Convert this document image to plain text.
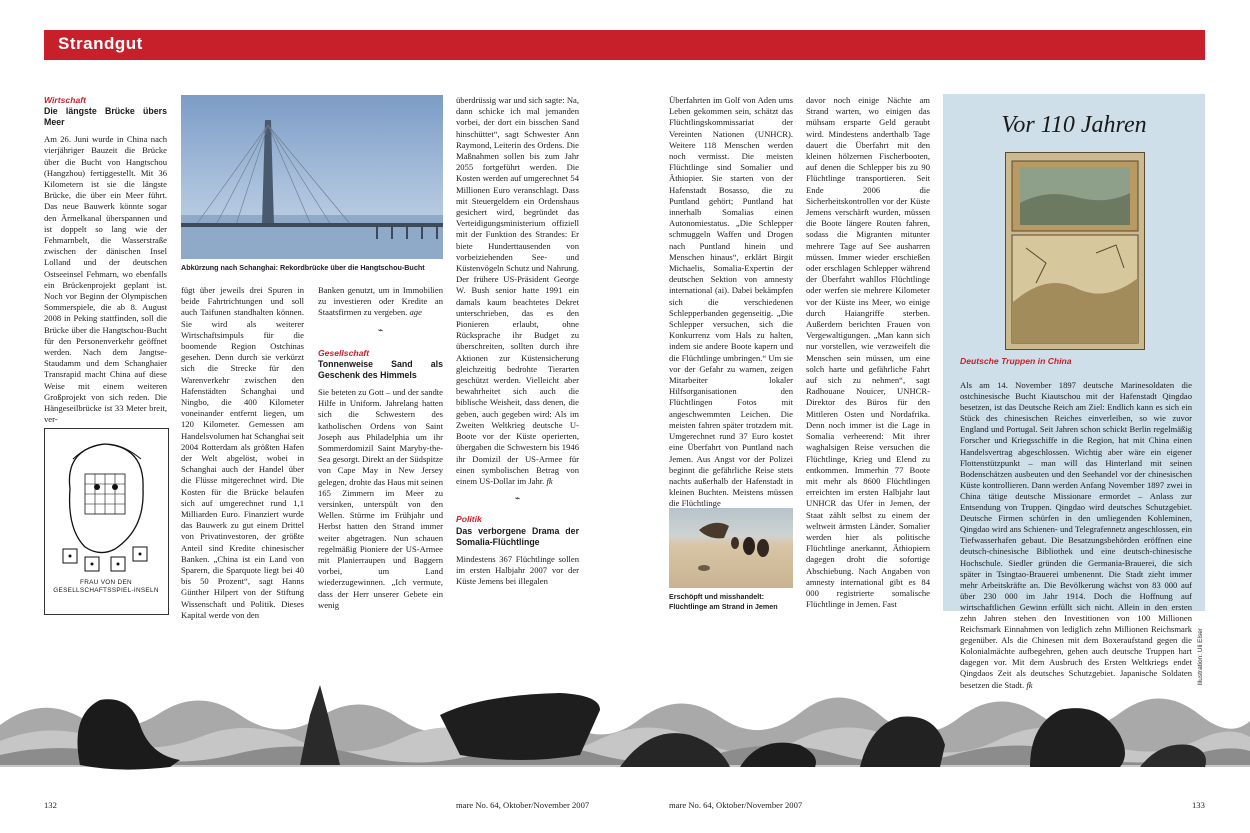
Strandgut
Wirtschaft
Die längste Brücke übers Meer
Am 26. Juni wurde in China nach vierjähriger Bauzeit die Brücke über die Bucht von Hangtschou (Hangzhou) fertiggestellt. Mit 36 Kilometern ist sie die längste Brücke, die über ein Meer führt. Das neue Bauwerk könnte sogar den Ärmelkanal überspannen und ist doppelt so lang wie der Fehmarnbelt, die Wasserstraße zwischen der dänischen Insel Lolland und der deutschen Ostseeinsel Fehmarn, wo ebenfalls ein Brückenprojekt geplant ist. Noch vor Beginn der Olympischen Sommerspiele, die ab 8. August 2008 in Peking stattfinden, soll die Brücke über die Hangtschou-Bucht für den Personenverkehr geöffnet werden. Nach dem Jangtse-Staudamm und dem Schanghaier Transrapid macht China auf diese Weise mit einem weiteren Großprojekt von sich reden. Die Hängeseilbrücke ist 33 Meter breit, ver-
FRAU VON DEN GESELLSCHAFTSSPIEL-INSELN
Abkürzung nach Schanghai: Rekordbrücke über die Hangtschou-Bucht
fügt über jeweils drei Spuren in beide Fahrtrichtungen und soll auch Taifunen standhalten können. Sie wird als weiterer Wirtschaftsimpuls für die boomende Region Ostchinas gesehen. Denn durch sie verkürzt sich die Strecke für den Warenverkehr zwischen den Hafenstädten Schanghai und Ningbo, die 400 Kilometer voneinander entfernt liegen, um 120 Kilometer. Gemessen am Handelsvolumen hat Schanghai seit 2004 Rotterdam als größten Hafen der Welt abgelöst, wobei in Schanghai auch der Handel über die Flüsse mitgerechnet wird. Die Kosten für die Brücke belaufen sich auf umgerechnet rund 1,1 Milliarden Euro. Finanziert wurde das Bauwerk zu gut einem Drittel von Privatinvestoren, der größte Anteil sind Kredite chinesischer Banken. „China ist ein Land von Sparern, die Sparquote liegt bei 40 bis 50 Prozent“, sagt Hanns Günther Hilpert von der Stiftung Wissenschaft und Politik. Dieses Kapital werde von den
Banken genutzt, um in Immobilien zu investieren oder Kredite an Staatsfirmen zu vergeben. age
⌁
Gesellschaft
Tonnenweise Sand als Geschenk des Himmels
Sie beteten zu Gott – und der sandte Hilfe in Uniform. Jahrelang hatten sich die Schwestern des katholischen Ordens von Saint Joseph aus Philadelphia um ihr Sommerdomizil Saint Maryby-the-Sea gesorgt. Direkt an der Südspitze von Cape May in New Jersey gelegen, drohte das Haus mit seinen 165 Zimmern im Meer zu versinken, unterspült von den Wellen. Stürme im Frühjahr und Herbst hatten den Strand immer weiter abgetragen. Nun schauen regelmäßig Pioniere der US-Armee mit Planierraupen und Baggern vorbei, um Land wiederzugewinnen. „Ich vermute, dass der Herr unserer Gebete ein wenig
überdrüssig war und sich sagte: Na, dann schicke ich mal jemanden vorbei, der dort ein bisschen Sand hinschüttet“, sagt Schwester Ann Raymond, Leiterin des Ordens. Die Maßnahmen sollen bis zum Jahr 2055 fortgeführt werden. Die Kosten werden auf umgerechnet 54 Millionen Euro veranschlagt. Dass mit Steuergeldern ein Ordenshaus gesichert wird, begründet das Verteidigungsministerium offiziell mit der Funktion des Strandes: Er biete Hunderttausenden von vorbeiziehenden See- und Küstenvögeln Schutz und Nahrung. Der frühere US-Präsident George W. Bush senior hatte 1991 ein damals kaum beachtetes Dekret unterschrieben, das es den Pionieren erlaubt, ohne Rücksprache ihr Budget zu überschreiten, sollten durch ihre Aktionen zur Küstensicherung gleichzeitig bedrohte Tierarten geschützt werden. Vielleicht aber bewahrheitet sich auch die biblische Weisheit, dass denen, die geben, auch gegeben wird: Als im Zweiten Weltkrieg deutsche U-Boote vor der Küste operierten, übergaben die Schwestern bis 1946 ihr Domizil der US-Armee für einen symbolischen Betrag von einem US-Dollar im Jahr. fk
⌁
Politik
Das verborgene Drama der Somalia-Flüchtlinge
Mindestens 367 Flüchtlinge sollen im ersten Halbjahr 2007 vor der Küste Jemens bei illegalen
Überfahrten im Golf von Aden ums Leben gekommen sein, schätzt das Flüchtlingskommissariat der Vereinten Nationen (UNHCR). Weitere 118 Menschen werden noch vermisst. Die meisten Flüchtlinge sind Somalier und Äthiopier. Sie starten von der Hafenstadt Bosasso, die zu Puntland gehört; Puntland hat innerhalb Somalias einen Autonomiestatus. „Die Schlepper schmuggeln Waffen und Drogen nach Puntland hinein und Menschen hinaus“, erklärt Birgit Michaelis, Somalia-Expertin der deutschen Sektion von amnesty international (ai). Dabei bekämpfen sich die verschiedenen Schlepperbanden gegenseitig. „Die Schlepper versuchen, sich die Konkurrenz vom Hals zu halten, indem sie andere Boote kapern und die Flüchtlinge umbringen.“ Um sie vor der Gefahr zu warnen, zeigen Mitarbeiter lokaler Hilfsorganisationen den Flüchtlingen Fotos mit angeschwemmten Leichen. Die meisten fahren später trotzdem mit. Umgerechnet rund 37 Euro kostet eine Überfahrt von Puntland nach Jemen. Aus Angst vor der Polizei beginnt die gefährliche Reise stets nachts außerhalb der Hafenstadt in kleinen Buchten. Meistens müssen die Flüchtlinge
Erschöpft und misshandelt: Flüchtlinge am Strand in Jemen
davor noch einige Nächte am Strand warten, wo einigen das mühsam ersparte Geld geraubt wird. Mindestens anderthalb Tage dauert die Überfahrt mit den kleinen hölzernen Fischerbooten, auf denen die Schlepper bis zu 90 Flüchtlinge transportieren. Seit Ende 2006 die Sicherheitskontrollen vor der Küste Jemens verschärft wurden, müssen die Boote längere Routen fahren, sodass die Migranten mitunter mehrere Tage auf See ausharren müssen. Immer wieder erschießen oder erschlagen Schlepper während der Überfahrt wahllos Flüchtlinge oder werfen sie mehrere Kilometer vor der Küste ins Meer, wo einige durch Haiangriffe sterben. Außerdem berichten Frauen von Vergewaltigungen. „Man kann sich nur vorstellen, wie verzweifelt die Menschen sein müssen, um eine solch harte und gefährliche Fahrt auf sich zu nehmen“, sagt Radhouane Nouicer, UNHCR-Direktor des Büros für den Mittleren Osten und Nordafrika. Denn noch immer ist die Lage in Somalia verheerend: Mit ihrer waghalsigen Reise versuchen die Flüchtlinge, Krieg und Elend zu entkommen. Immerhin 77 Boote mit mehr als 8600 Flüchtlingen erreichten im ersten Halbjahr laut UNHCR das Ufer in Jemen, der Staat zählt selbst zu einem der weltweit ärmsten Länder. Somalier werden hier als politische Flüchtlinge anerkannt, Äthiopiern dagegen droht die sofortige Abschiebung. Nach Angaben von amnesty international gibt es 84 000 registrierte somalische Flüchtlinge in Jemen. Fast
Vor 110 Jahren
Deutsche Truppen in China
Als am 14. November 1897 deutsche Marinesoldaten die ostchinesische Bucht Kiautschou mit der Hafenstadt Qingdao besetzen, ist das Deutsche Reich am Ziel: Endlich kann es sich ein Stück des chinesischen Reiches einverleiben, so wie zuvor England und Portugal. Seit Jahren schon schickt Berlin regelmäßig Forscher und Kriegsschiffe in die Region, hat mit China einen Handelsvertrag abgeschlossen. Wichtig aber wäre ein eigener Flottenstützpunkt – man will das Hinterland mit seinen Bodenschätzen ausbeuten und den Seehandel vor der chinesischen Küste kontrollieren. Dann werden Anfang November 1897 zwei in China tätige deutsche Missionare ermordet – Anlass zur Entsendung von Truppen. Qingdao wird deutsches Schutzgebiet. Deutsche Firmen schürfen in den umliegenden Kohleminen, Qingdao wird ans Schienen- und Telegrafennetz angeschlossen, ein Tiefwasserhafen gebaut. Die Besatzungsbehörden eröffnen eine deutsch-chinesische Bibliothek und eine deutsch-chinesische Hochschule. Siedler gründen die Germania-Brauerei, die sich später in Tsingtao-Brauerei umbenennt. Die Stadt zieht immer mehr Arbeitskräfte an. Die Bevölkerung wächst von 83 000 auf über 230 000 im Jahr 1914. Doch die Hoffnung auf wirtschaftlichen Gewinn erfüllt sich nicht. Allein in den ersten zehn Jahren stehen den Investitionen von 100 Millionen Reichsmark Einnahmen von lediglich zehn Millionen Reichsmark gegenüber. Als die Chinesen mit dem Boxeraufstand gegen die Kolonialmächte aufbegehren, gehen auch deutsche Truppen hart dagegen vor. Mit dem Ausbruch des Ersten Weltkriegs endet Qingdaos Zeit als deutsches Schutzgebiet. Japanische Soldaten besetzen die Stadt. fk	Illustration: Uli Elser
132	mare No. 64, Oktober/November 2007	mare No. 64, Oktober/November 2007	133
